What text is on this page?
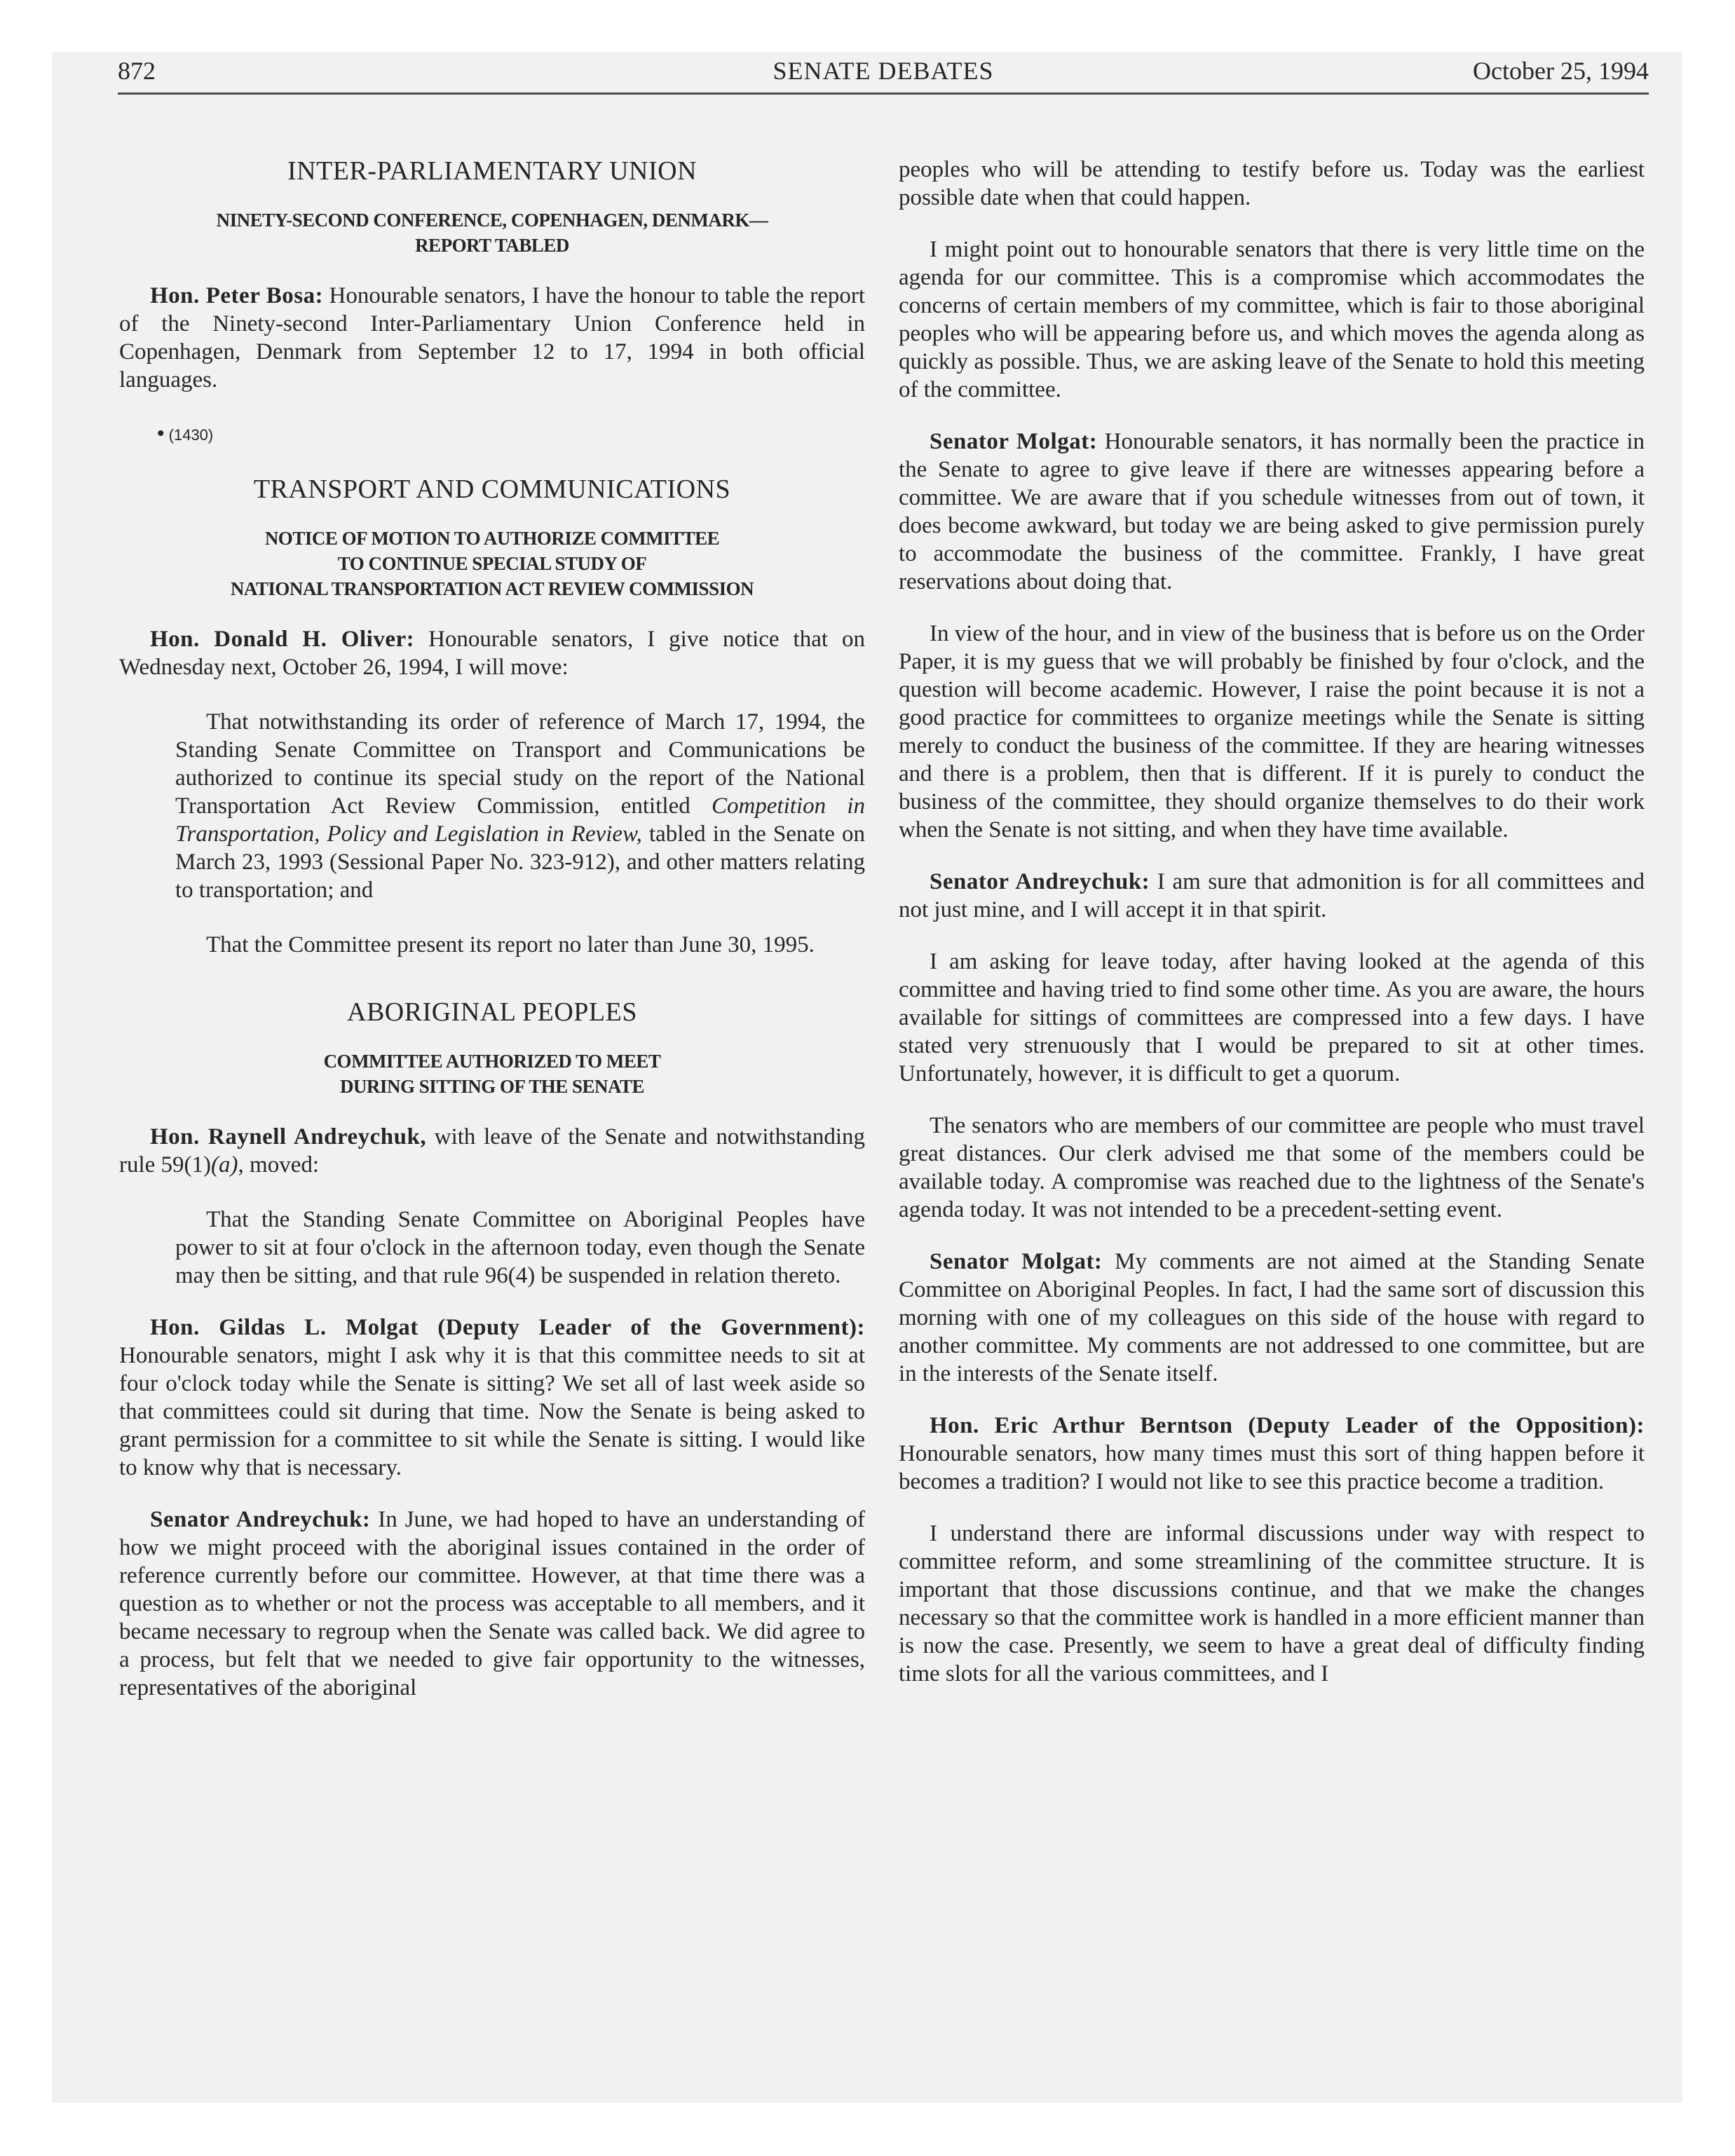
872	SENATE DEBATES	October 25, 1994
INTER-PARLIAMENTARY UNION
NINETY-SECOND CONFERENCE, COPENHAGEN, DENMARK—
REPORT TABLED

Hon. Peter Bosa: Honourable senators, I have the honour to table the report of the Ninety-second Inter-Parliamentary Union Conference held in Copenhagen, Denmark from September 12 to 17, 1994 in both official languages.

• (1430)
TRANSPORT AND COMMUNICATIONS
NOTICE OF MOTION TO AUTHORIZE COMMITTEE
TO CONTINUE SPECIAL STUDY OF
NATIONAL TRANSPORTATION ACT REVIEW COMMISSION

Hon. Donald H. Oliver: Honourable senators, I give notice that on Wednesday next, October 26, 1994, I will move:

That notwithstanding its order of reference of March 17, 1994, the Standing Senate Committee on Transport and Communications be authorized to continue its special study on the report of the National Transportation Act Review Commission, entitled Competition in Transportation, Policy and Legislation in Review, tabled in the Senate on March 23, 1993 (Sessional Paper No. 323-912), and other matters relating to transportation; and

That the Committee present its report no later than June 30, 1995.

ABORIGINAL PEOPLES
COMMITTEE AUTHORIZED TO MEET
DURING SITTING OF THE SENATE

Hon. Raynell Andreychuk, with leave of the Senate and notwithstanding rule 59(1)(a), moved:

That the Standing Senate Committee on Aboriginal Peoples have power to sit at four o'clock in the afternoon today, even though the Senate may then be sitting, and that rule 96(4) be suspended in relation thereto.

Hon. Gildas L. Molgat (Deputy Leader of the Government): Honourable senators, might I ask why it is that this committee needs to sit at four o'clock today while the Senate is sitting? We set all of last week aside so that committees could sit during that time. Now the Senate is being asked to grant permission for a committee to sit while the Senate is sitting. I would like to know why that is necessary.

Senator Andreychuk: In June, we had hoped to have an understanding of how we might proceed with the aboriginal issues contained in the order of reference currently before our committee. However, at that time there was a question as to whether or not the process was acceptable to all members, and it became necessary to regroup when the Senate was called back. We did agree to a process, but felt that we needed to give fair opportunity to the witnesses, representatives of the aboriginal

peoples who will be attending to testify before us. Today was the earliest possible date when that could happen.

I might point out to honourable senators that there is very little time on the agenda for our committee. This is a compromise which accommodates the concerns of certain members of my committee, which is fair to those aboriginal peoples who will be appearing before us, and which moves the agenda along as quickly as possible. Thus, we are asking leave of the Senate to hold this meeting of the committee.

Senator Molgat: Honourable senators, it has normally been the practice in the Senate to agree to give leave if there are witnesses appearing before a committee. We are aware that if you schedule witnesses from out of town, it does become awkward, but today we are being asked to give permission purely to accommodate the business of the committee. Frankly, I have great reservations about doing that.

In view of the hour, and in view of the business that is before us on the Order Paper, it is my guess that we will probably be finished by four o'clock, and the question will become academic. However, I raise the point because it is not a good practice for committees to organize meetings while the Senate is sitting merely to conduct the business of the committee. If they are hearing witnesses and there is a problem, then that is different. If it is purely to conduct the business of the committee, they should organize themselves to do their work when the Senate is not sitting, and when they have time available.

Senator Andreychuk: I am sure that admonition is for all committees and not just mine, and I will accept it in that spirit.

I am asking for leave today, after having looked at the agenda of this committee and having tried to find some other time. As you are aware, the hours available for sittings of committees are compressed into a few days. I have stated very strenuously that I would be prepared to sit at other times. Unfortunately, however, it is difficult to get a quorum.

The senators who are members of our committee are people who must travel great distances. Our clerk advised me that some of the members could be available today. A compromise was reached due to the lightness of the Senate's agenda today. It was not intended to be a precedent-setting event.

Senator Molgat: My comments are not aimed at the Standing Senate Committee on Aboriginal Peoples. In fact, I had the same sort of discussion this morning with one of my colleagues on this side of the house with regard to another committee. My comments are not addressed to one committee, but are in the interests of the Senate itself.

Hon. Eric Arthur Berntson (Deputy Leader of the Opposition): Honourable senators, how many times must this sort of thing happen before it becomes a tradition? I would not like to see this practice become a tradition.

I understand there are informal discussions under way with respect to committee reform, and some streamlining of the committee structure. It is important that those discussions continue, and that we make the changes necessary so that the committee work is handled in a more efficient manner than is now the case. Presently, we seem to have a great deal of difficulty finding time slots for all the various committees, and I
